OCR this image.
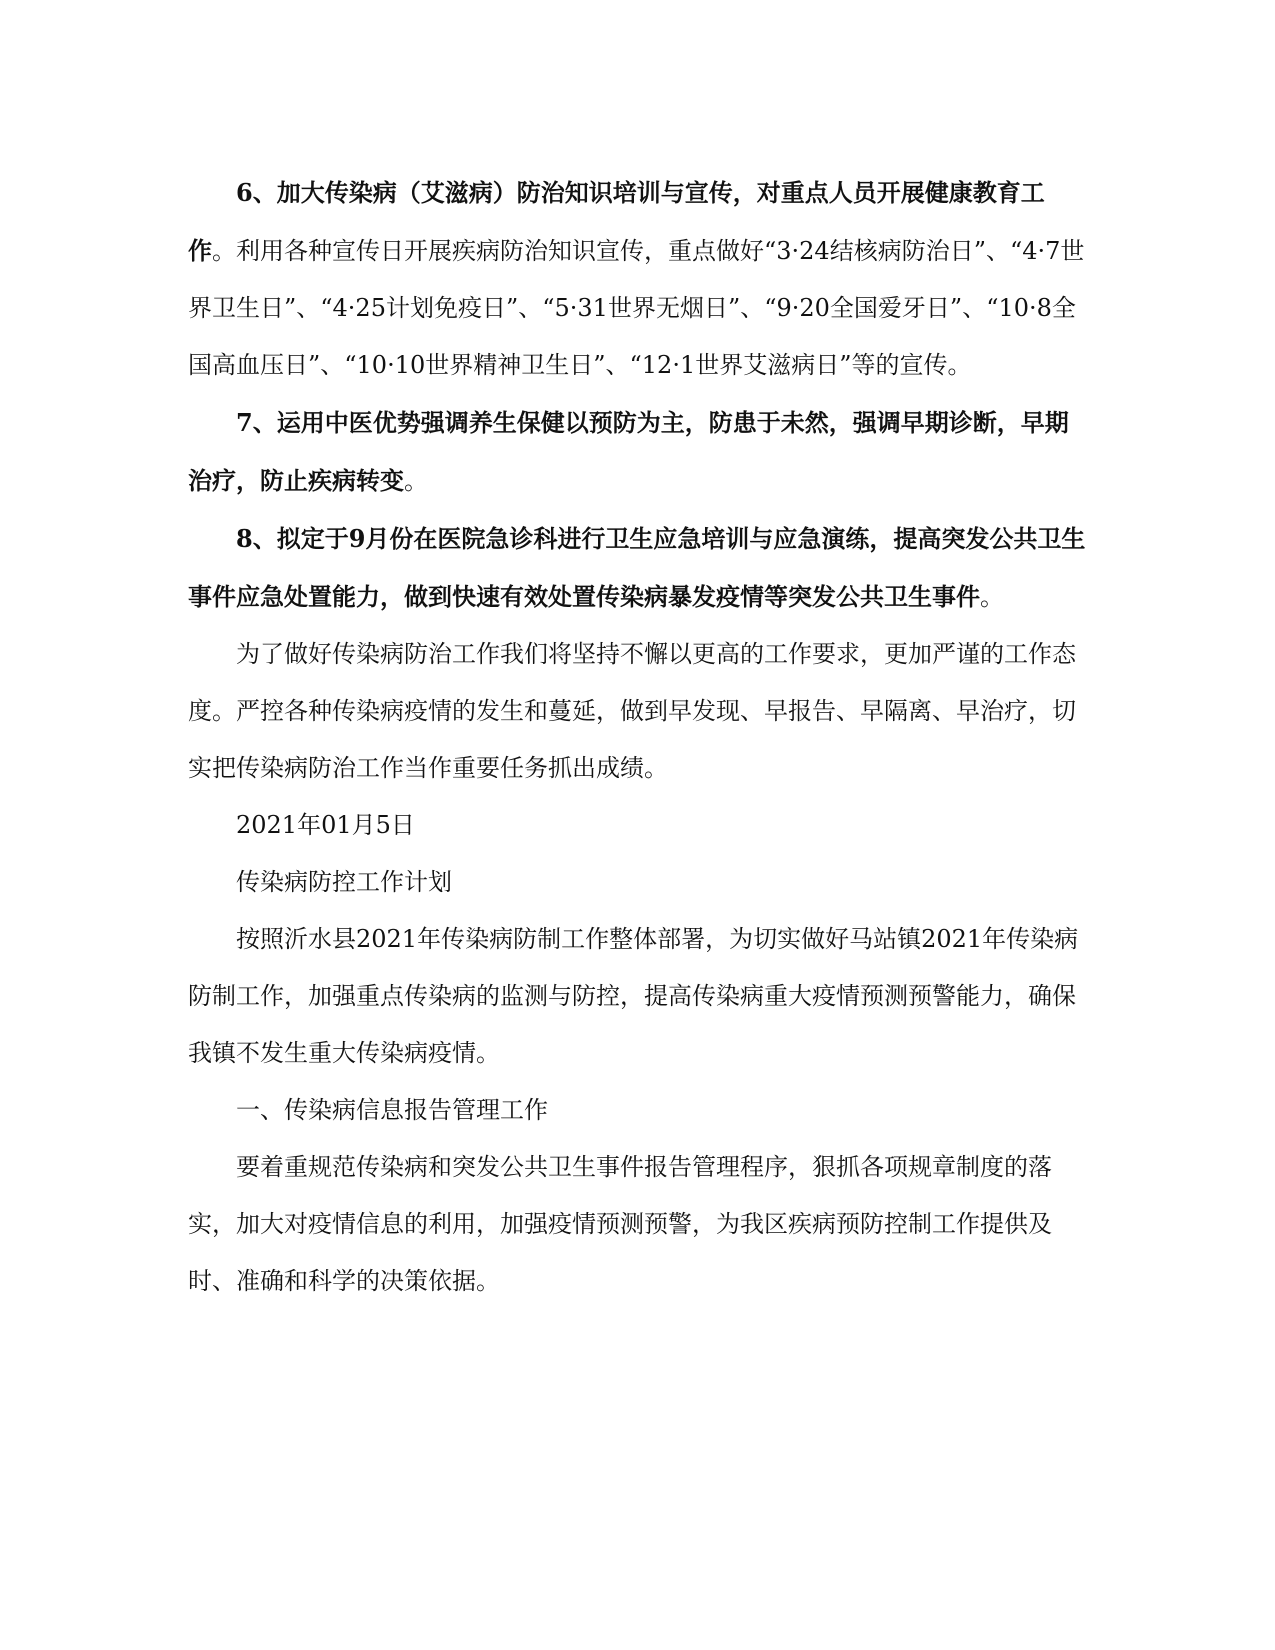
6、加大传染病（艾滋病）防治知识培训与宣传，对重点人员开展健康教育工作。利用各种宣传日开展疾病防治知识宣传，重点做好“3·24结核病防治日”、“4·7世界卫生日”、“4·25计划免疫日”、“5·31世界无烟日”、“9·20全国爱牙日”、“10·8全国高血压日”、“10·10世界精神卫生日”、“12·1世界艾滋病日”等的宣传。

7、运用中医优势强调养生保健以预防为主，防患于未然，强调早期诊断，早期治疗，防止疾病转变。

8、拟定于9月份在医院急诊科进行卫生应急培训与应急演练，提高突发公共卫生事件应急处置能力，做到快速有效处置传染病暴发疫情等突发公共卫生事件。

为了做好传染病防治工作我们将坚持不懈以更高的工作要求，更加严谨的工作态度。严控各种传染病疫情的发生和蔓延，做到早发现、早报告、早隔离、早治疗，切实把传染病防治工作当作重要任务抓出成绩。

2021年01月5日

传染病防控工作计划

按照沂水县2021年传染病防制工作整体部署，为切实做好马站镇2021年传染病防制工作，加强重点传染病的监测与防控，提高传染病重大疫情预测预警能力，确保我镇不发生重大传染病疫情。

一、传染病信息报告管理工作

要着重规范传染病和突发公共卫生事件报告管理程序，狠抓各项规章制度的落实，加大对疫情信息的利用，加强疫情预测预警，为我区疾病预防控制工作提供及时、准确和科学的决策依据。
